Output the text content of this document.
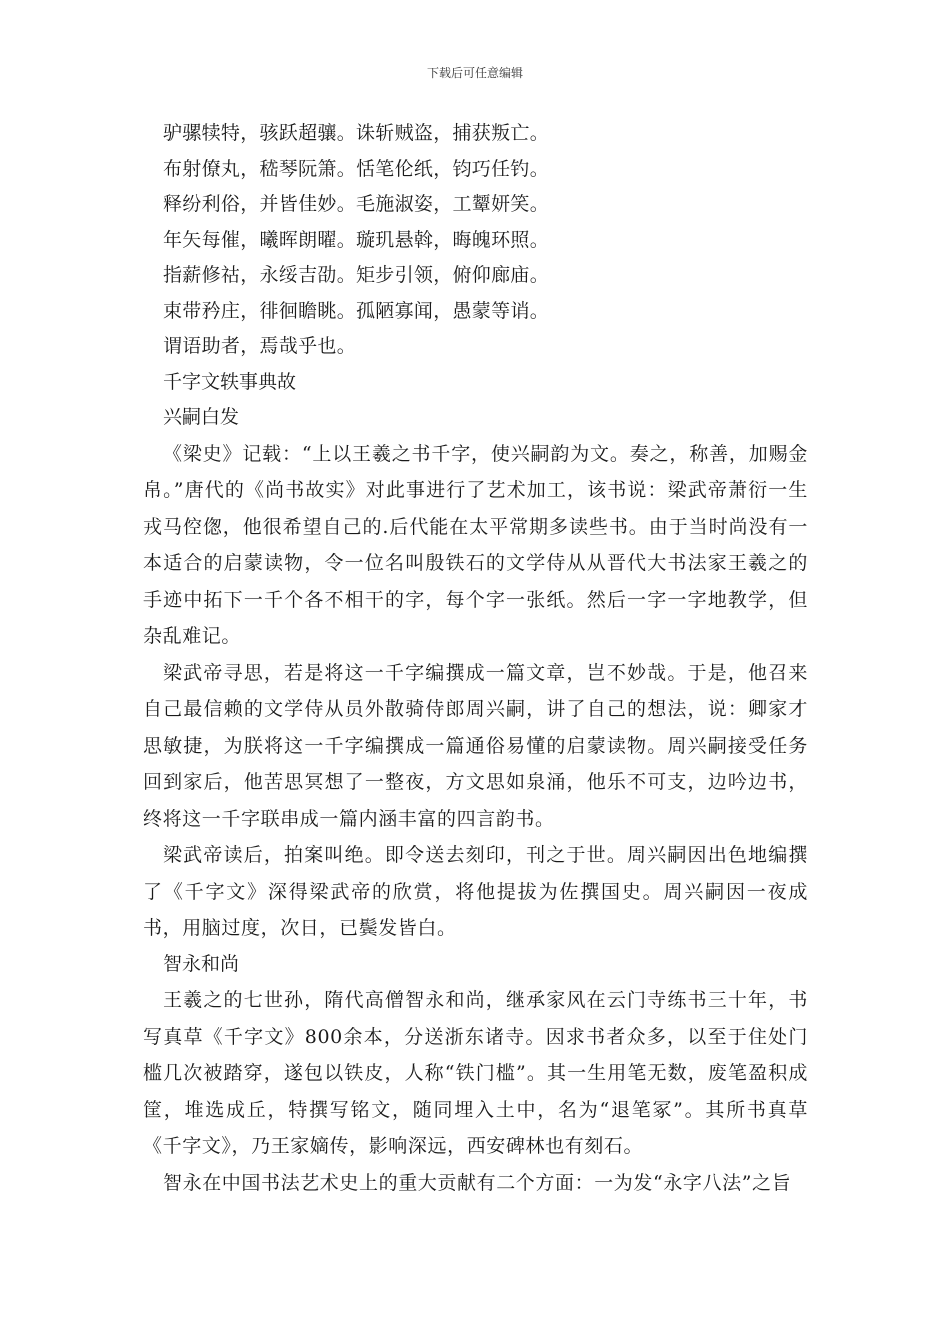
下载后可任意编辑
驴骡犊特，骇跃超骧。诛斩贼盗，捕获叛亡。
布射僚丸，嵇琴阮箫。恬笔伦纸，钧巧任钓。
释纷利俗，并皆佳妙。毛施淑姿，工颦妍笑。
年矢每催，曦晖朗曜。璇玑悬斡，晦魄环照。
指薪修祜，永绥吉劭。矩步引领，俯仰廊庙。
束带矜庄，徘徊瞻眺。孤陋寡闻，愚蒙等诮。
谓语助者，焉哉乎也。
千字文轶事典故
兴嗣白发

《梁史》记载：“上以王羲之书千字，使兴嗣韵为文。奏之，称善，加赐金帛。”唐代的《尚书故实》对此事进行了艺术加工，该书说：梁武帝萧衍一生戎马倥偬，他很希望自己的.后代能在太平常期多读些书。由于当时尚没有一本适合的启蒙读物，令一位名叫殷铁石的文学侍从从晋代大书法家王羲之的手迹中拓下一千个各不相干的字，每个字一张纸。然后一字一字地教学，但杂乱难记。

梁武帝寻思，若是将这一千字编撰成一篇文章，岂不妙哉。于是，他召来自己最信赖的文学侍从员外散骑侍郎周兴嗣，讲了自己的想法，说：卿家才思敏捷，为朕将这一千字编撰成一篇通俗易懂的启蒙读物。周兴嗣接受任务回到家后，他苦思冥想了一整夜，方文思如泉涌，他乐不可支，边吟边书，终将这一千字联串成一篇内涵丰富的四言韵书。

梁武帝读后，拍案叫绝。即令送去刻印，刊之于世。周兴嗣因出色地编撰了《千字文》深得梁武帝的欣赏，将他提拔为佐撰国史。周兴嗣因一夜成书，用脑过度，次日，已鬓发皆白。

智永和尚

王羲之的七世孙，隋代高僧智永和尚，继承家风在云门寺练书三十年，书写真草《千字文》800余本，分送浙东诸寺。因求书者众多，以至于住处门槛几次被踏穿，遂包以铁皮，人称“铁门槛”。其一生用笔无数，废笔盈积成筐，堆选成丘，特撰写铭文，随同埋入土中，名为“退笔冢”。其所书真草《千字文》，乃王家嫡传，影响深远，西安碑林也有刻石。

智永在中国书法艺术史上的重大贡献有二个方面：一为发“永字八法”之旨
